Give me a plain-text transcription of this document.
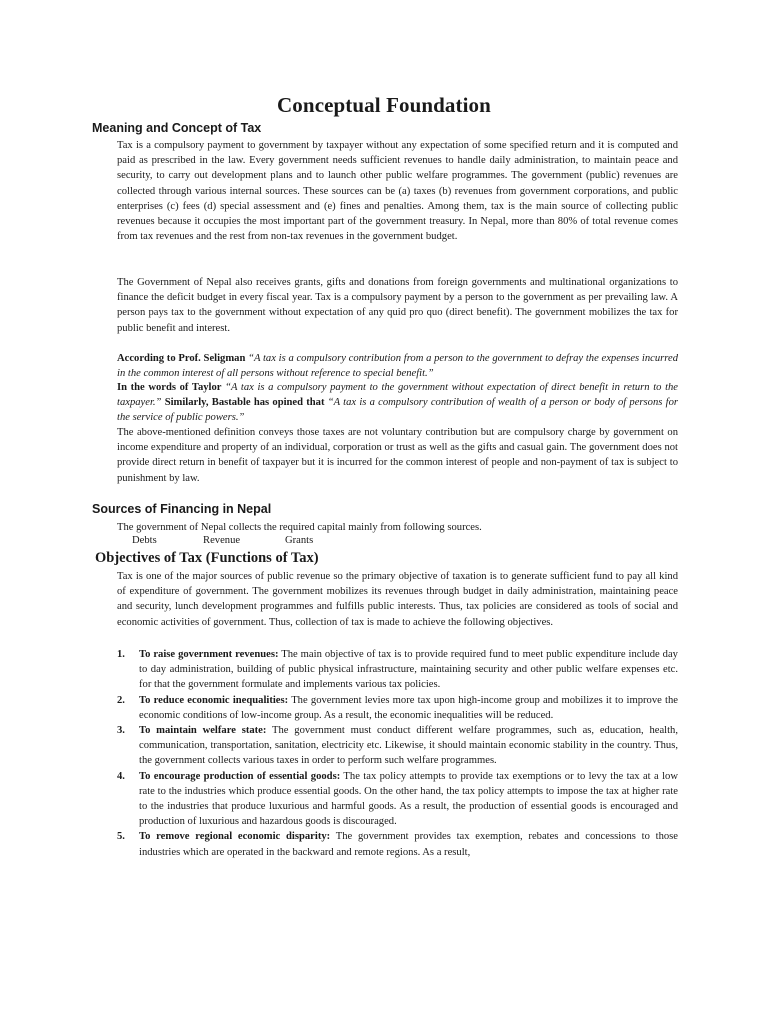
Conceptual Foundation
Meaning and Concept of Tax
Tax is a compulsory payment to government by taxpayer without any expectation of some specified return and it is computed and paid as prescribed in the law. Every government needs sufficient revenues to handle daily administration, to maintain peace and security, to carry out development plans and to launch other public welfare programmes. The government (public) revenues are collected through various internal sources. These sources can be (a) taxes (b) revenues from government corporations, and public enterprises (c) fees (d) special assessment and (e) fines and penalties. Among them, tax is the main source of collecting public revenues because it occupies the most important part of the government treasury. In Nepal, more than 80% of total revenue comes from tax revenues and the rest from non-tax revenues in the government budget.
The Government of Nepal also receives grants, gifts and donations from foreign governments and multinational organizations to finance the deficit budget in every fiscal year. Tax is a compulsory payment by a person to the government as per prevailing law. A person pays tax to the government without expectation of any quid pro quo (direct benefit). The government mobilizes the tax for public benefit and interest.
According to Prof. Seligman “A tax is a compulsory contribution from a person to the government to defray the expenses incurred in the common interest of all persons without reference to special benefit.”
In the words of Taylor “A tax is a compulsory payment to the government without expectation of direct benefit in return to the taxpayer.” Similarly, Bastable has opined that “A tax is a compulsory contribution of wealth of a person or body of persons for the service of public powers.”
The above-mentioned definition conveys those taxes are not voluntary contribution but are compulsory charge by government on income expenditure and property of an individual, corporation or trust as well as the gifts and casual gain. The government does not provide direct return in benefit of taxpayer but it is incurred for the common interest of people and non-payment of tax is subject to punishment by law.
Sources of Financing in Nepal
The government of Nepal collects the required capital mainly from following sources.
Debts	Revenue	Grants
Objectives of Tax (Functions of Tax)
Tax is one of the major sources of public revenue so the primary objective of taxation is to generate sufficient fund to pay all kind of expenditure of government. The government mobilizes its revenues through budget in daily administration, maintaining peace and security, lunch development programmes and fulfills public interests. Thus, tax policies are considered as tools of social and economic activities of government. Thus, collection of tax is made to achieve the following objectives.
1. To raise government revenues: The main objective of tax is to provide required fund to meet public expenditure include day to day administration, building of public physical infrastructure, maintaining security and other public welfare expenses etc. for that the government formulate and implements various tax policies.
2. To reduce economic inequalities: The government levies more tax upon high-income group and mobilizes it to improve the economic conditions of low-income group. As a result, the economic inequalities will be reduced.
3. To maintain welfare state: The government must conduct different welfare programmes, such as, education, health, communication, transportation, sanitation, electricity etc. Likewise, it should maintain economic stability in the country. Thus, the government collects various taxes in order to perform such welfare programmes.
4. To encourage production of essential goods: The tax policy attempts to provide tax exemptions or to levy the tax at a low rate to the industries which produce essential goods. On the other hand, the tax policy attempts to impose the tax at higher rate to the industries that produce luxurious and harmful goods. As a result, the production of essential goods is encouraged and production of luxurious and hazardous goods is discouraged.
5. To remove regional economic disparity: The government provides tax exemption, rebates and concessions to those industries which are operated in the backward and remote regions. As a result,
